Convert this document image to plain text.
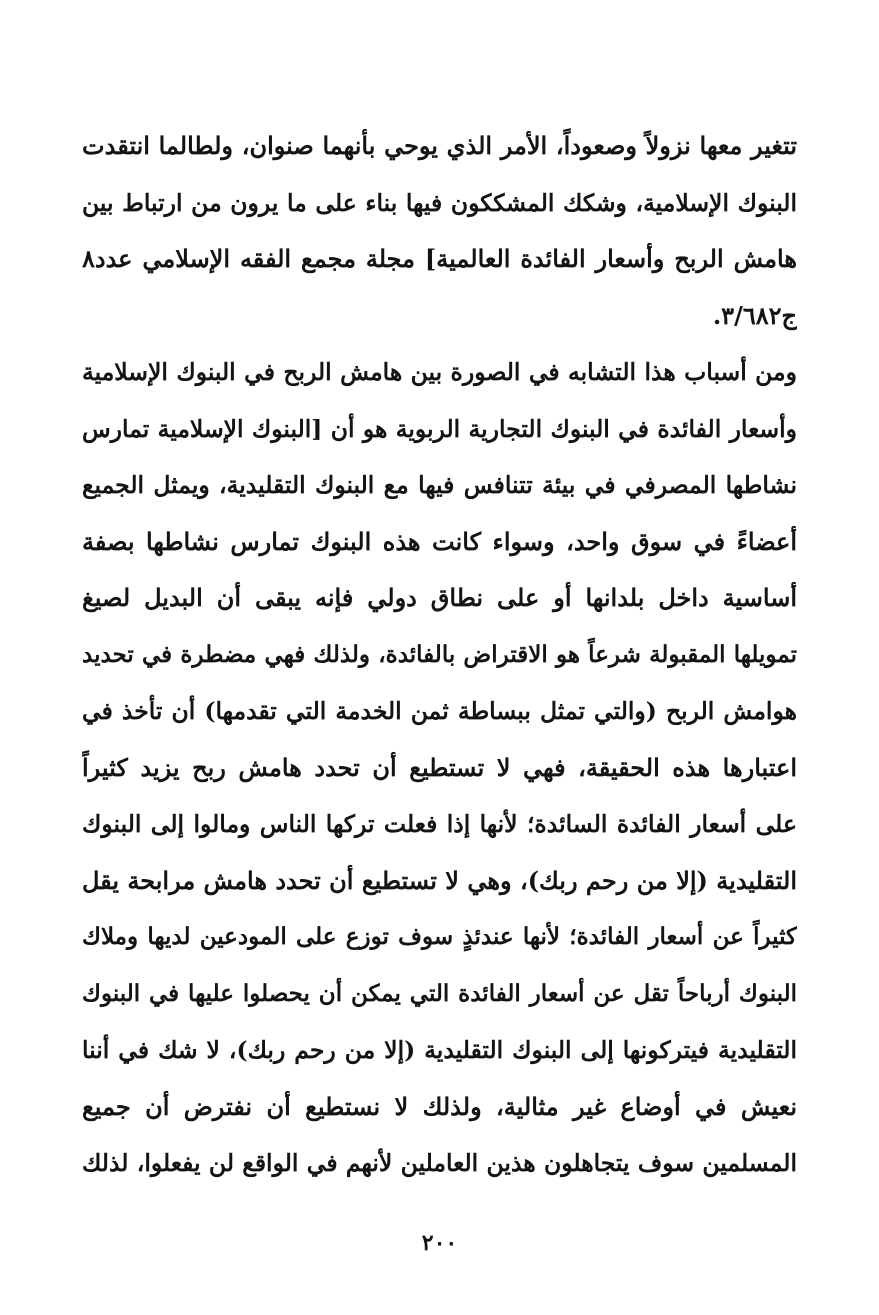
تتغير معها نزولاً وصعوداً، الأمر الذي يوحي بأنهما صنوان، ولطالما انتقدت
البنوك الإسلامية، وشكك المشككون فيها بناء على ما يرون من ارتباط بين
هامش الربح وأسعار الفائدة العالمية] مجلة مجمع الفقه الإسلامي عدد٨
ج٣/٦٨٢.
ومن أسباب هذا التشابه في الصورة بين هامش الربح في البنوك الإسلامية
وأسعار الفائدة في البنوك التجارية الربوية هو أن [البنوك الإسلامية تمارس
نشاطها المصرفي في بيئة تتنافس فيها مع البنوك التقليدية، ويمثل الجميع
أعضاءً في سوق واحد، وسواء كانت هذه البنوك تمارس نشاطها بصفة
أساسية داخل بلدانها أو على نطاق دولي فإنه يبقى أن البديل لصيغ
تمويلها المقبولة شرعاً هو الاقتراض بالفائدة، ولذلك فهي مضطرة في تحديد
هوامش الربح (والتي تمثل ببساطة ثمن الخدمة التي تقدمها) أن تأخذ في
اعتبارها هذه الحقيقة، فهي لا تستطيع أن تحدد هامش ربح يزيد كثيراً
على أسعار الفائدة السائدة؛ لأنها إذا فعلت تركها الناس ومالوا إلى البنوك
التقليدية (إلا من رحم ربك)، وهي لا تستطيع أن تحدد هامش مرابحة يقل
كثيراً عن أسعار الفائدة؛ لأنها عندئذٍ سوف توزع على المودعين لديها وملاك
البنوك أرباحاً تقل عن أسعار الفائدة التي يمكن أن يحصلوا عليها في البنوك
التقليدية فيتركونها إلى البنوك التقليدية (إلا من رحم ربك)، لا شك في أننا
نعيش في أوضاع غير مثالية، ولذلك لا نستطيع أن نفترض أن جميع
المسلمين سوف يتجاهلون هذين العاملين لأنهم في الواقع لن يفعلوا، لذلك
٢٠٠
